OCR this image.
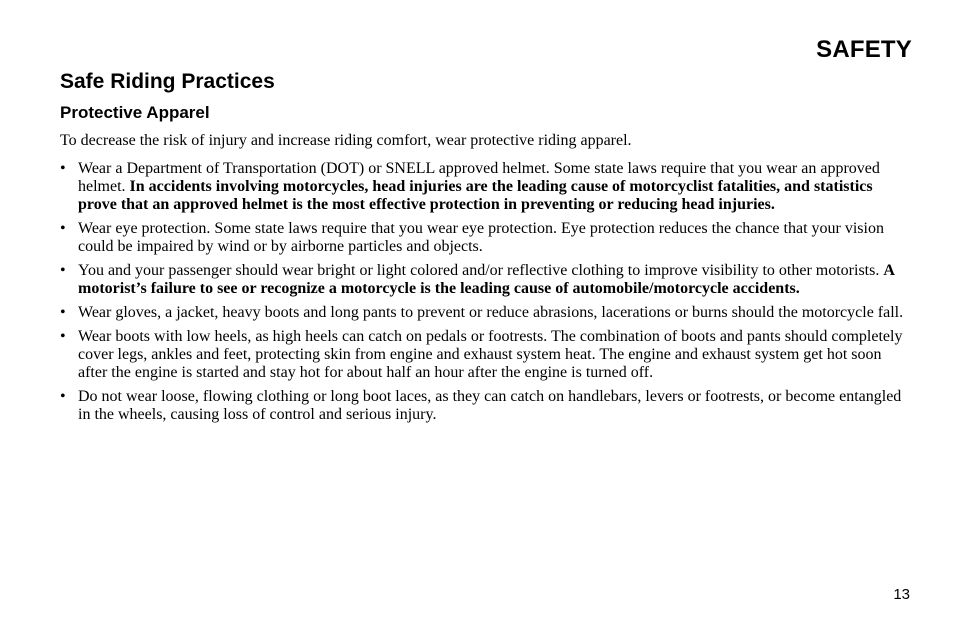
SAFETY
Safe Riding Practices
Protective Apparel

To decrease the risk of injury and increase riding comfort, wear protective riding apparel.

• Wear a Department of Transportation (DOT) or SNELL approved helmet. Some state laws require that you wear an approved helmet. In accidents involving motorcycles, head injuries are the leading cause of motorcyclist fatalities, and statistics prove that an approved helmet is the most effective protection in preventing or reducing head injuries.
• Wear eye protection. Some state laws require that you wear eye protection. Eye protection reduces the chance that your vision could be impaired by wind or by airborne particles and objects.
• You and your passenger should wear bright or light colored and/or reflective clothing to improve visibility to other motorists. A motorist’s failure to see or recognize a motorcycle is the leading cause of automobile/motorcycle accidents.
• Wear gloves, a jacket, heavy boots and long pants to prevent or reduce abrasions, lacerations or burns should the motorcycle fall.
• Wear boots with low heels, as high heels can catch on pedals or footrests. The combination of boots and pants should completely cover legs, ankles and feet, protecting skin from engine and exhaust system heat. The engine and exhaust system get hot soon after the engine is started and stay hot for about half an hour after the engine is turned off.
• Do not wear loose, flowing clothing or long boot laces, as they can catch on handlebars, levers or footrests, or become entangled in the wheels, causing loss of control and serious injury.
13
